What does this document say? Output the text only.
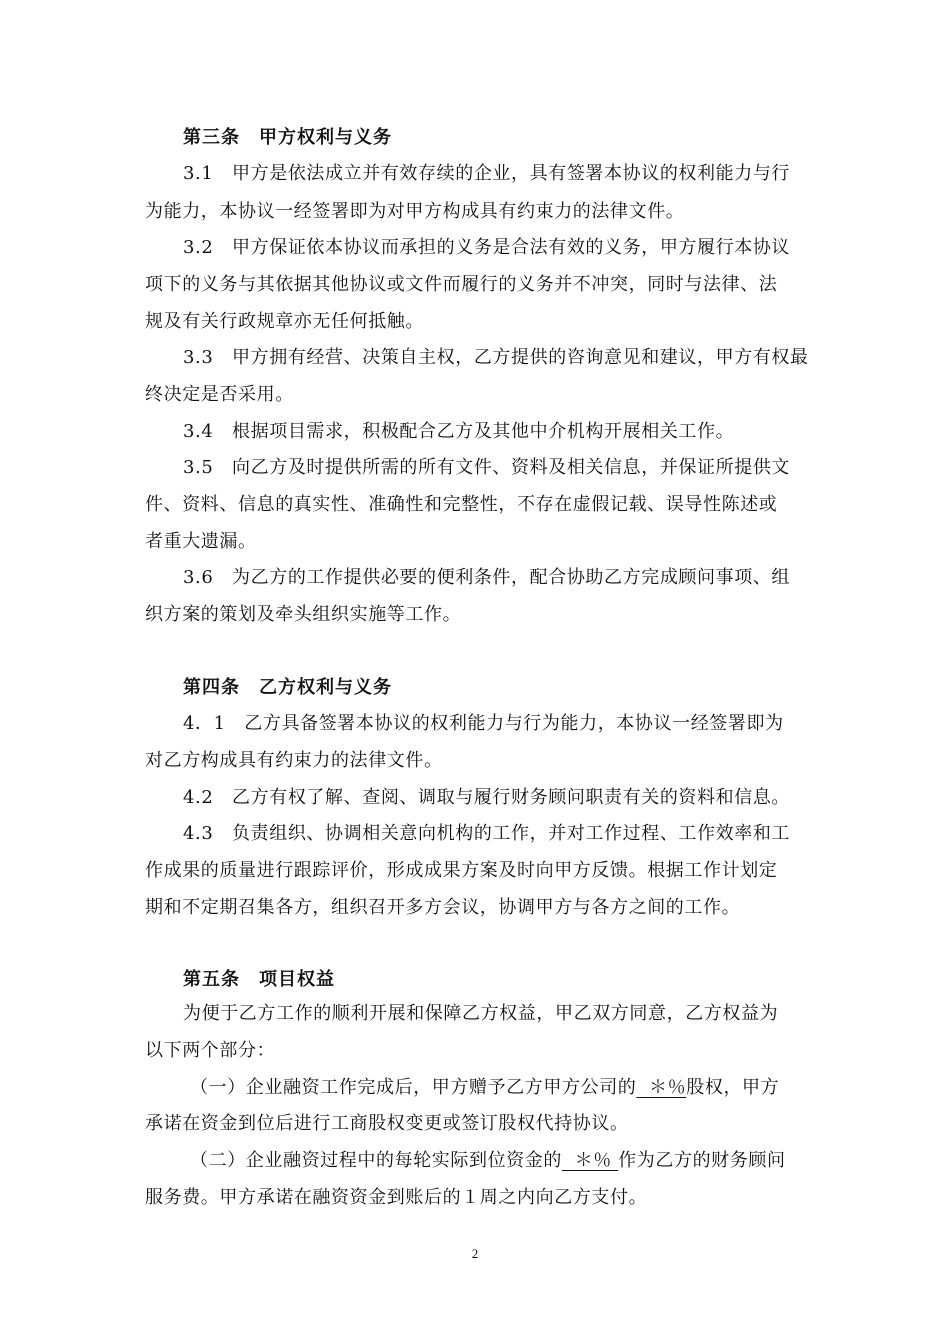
第三条　甲方权利与义务

3.1　甲方是依法成立并有效存续的企业，具有签署本协议的权利能力与行

为能力，本协议一经签署即为对甲方构成具有约束力的法律文件。

3.2　甲方保证依本协议而承担的义务是合法有效的义务，甲方履行本协议

项下的义务与其依据其他协议或文件而履行的义务并不冲突，同时与法律、法

规及有关行政规章亦无任何抵触。

3.3　甲方拥有经营、决策自主权，乙方提供的咨询意见和建议，甲方有权最

终决定是否采用。

3.4　根据项目需求，积极配合乙方及其他中介机构开展相关工作。

3.5　向乙方及时提供所需的所有文件、资料及相关信息，并保证所提供文

件、资料、信息的真实性、准确性和完整性，不存在虚假记载、误导性陈述或

者重大遗漏。

3.6　为乙方的工作提供必要的便利条件，配合协助乙方完成顾问事项、组

织方案的策划及牵头组织实施等工作。

第四条　乙方权利与义务

4．1　乙方具备签署本协议的权利能力与行为能力，本协议一经签署即为

对乙方构成具有约束力的法律文件。

4.2　乙方有权了解、查阅、调取与履行财务顾问职责有关的资料和信息。

4.3　负责组织、协调相关意向机构的工作，并对工作过程、工作效率和工

作成果的质量进行跟踪评价，形成成果方案及时向甲方反馈。根据工作计划定

期和不定期召集各方，组织召开多方会议，协调甲方与各方之间的工作。

第五条　项目权益

为便于乙方工作的顺利开展和保障乙方权益，甲乙双方同意，乙方权益为

以下两个部分：

（一）企业融资工作完成后，甲方赠予乙方甲方公司的  ＊％股权，甲方

承诺在资金到位后进行工商股权变更或签订股权代持协议。

（二）企业融资过程中的每轮实际到位资金的  ＊％ 作为乙方的财务顾问

服务费。甲方承诺在融资资金到账后的１周之内向乙方支付。

2
